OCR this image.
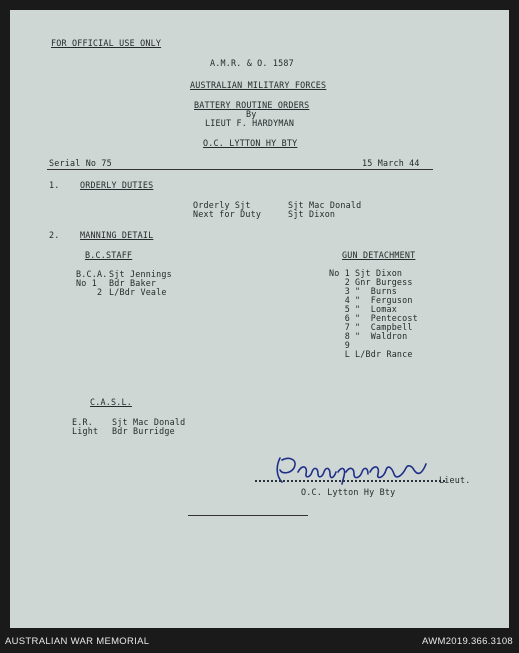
FOR OFFICIAL USE ONLY
A.M.R. & O. 1587
AUSTRALIAN MILITARY FORCES
BATTERY ROUTINE ORDERS
By
LIEUT F. HARDYMAN
O.C. LYTTON HY BTY
Serial No 75	15 March 44
1. ORDERLY DUTIES
Orderly Sjt	Sjt Mac Donald
Next for Duty	Sjt Dixon
2. MANNING DETAIL
B.C.STAFF
B.C.A. Sjt Jennings
No 1 Bdr Baker
2 L/Bdr Veale
GUN DETACHMENT
No 1 Sjt Dixon
2 Gnr Burgess
3 "  Burns
4 "  Ferguson
5 "  Lomax
6 "  Pentecost
7 "  Campbell
8 "  Waldron
9
L L/Bdr Rance
C.A.S.L.
E.R. Sjt Mac Donald
Light Bdr Burridge
Lieut.
O.C. Lytton Hy Bty
AUSTRALIAN WAR MEMORIAL	AWM2019.366.3108
